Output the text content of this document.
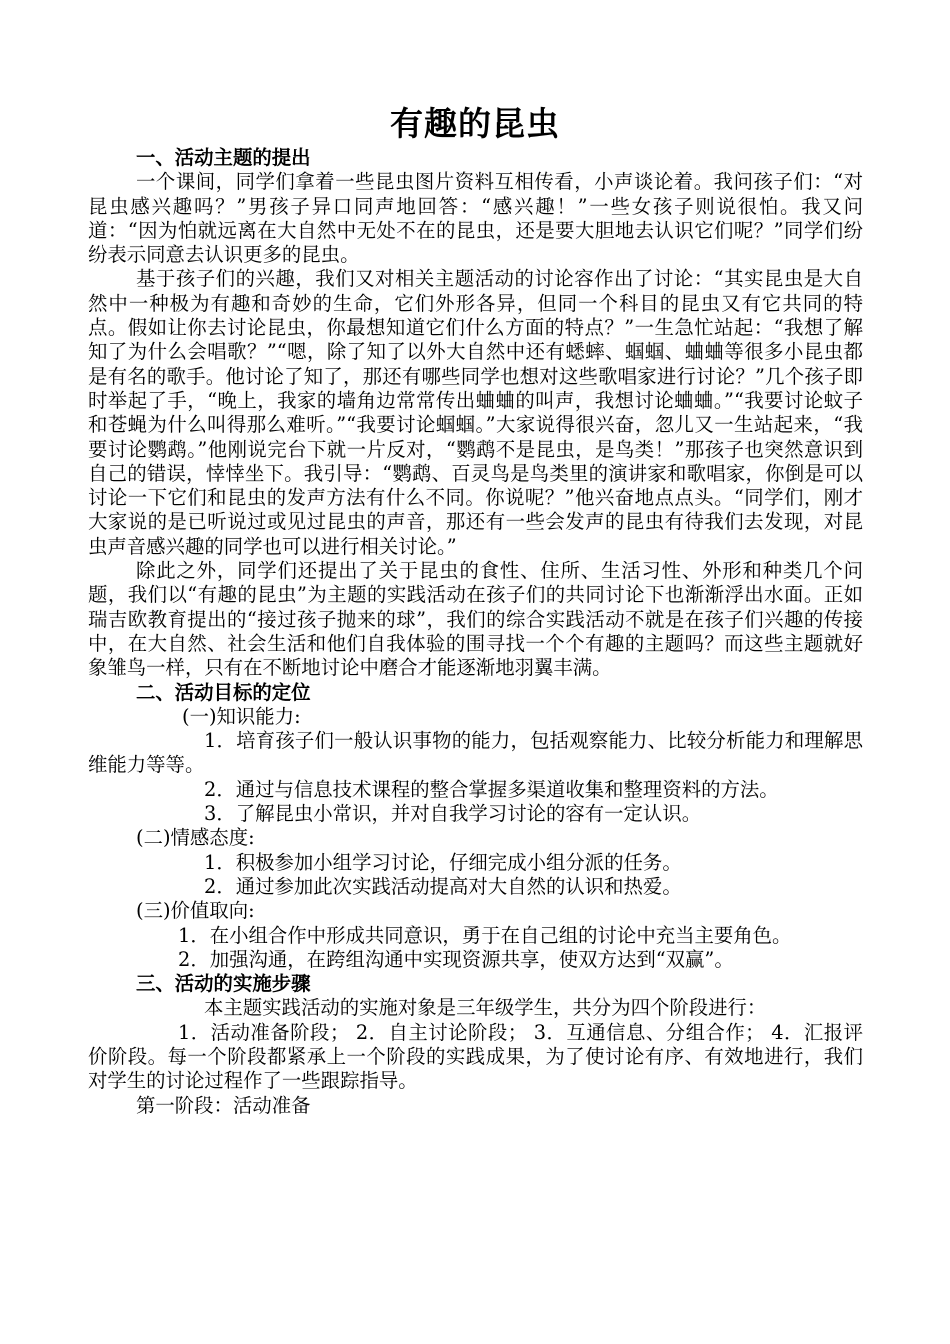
有趣的昆虫

一、活动主题的提出

一个课间，同学们拿着一些昆虫图片资料互相传看，小声谈论着。我问孩子们：“对昆虫感兴趣吗？”男孩子异口同声地回答：“感兴趣！”一些女孩子则说很怕。我又问道：“因为怕就远离在大自然中无处不在的昆虫，还是要大胆地去认识它们呢？”同学们纷纷表示同意去认识更多的昆虫。

基于孩子们的兴趣，我们又对相关主题活动的讨论容作出了讨论：“其实昆虫是大自然中一种极为有趣和奇妙的生命，它们外形各异，但同一个科目的昆虫又有它共同的特点。假如让你去讨论昆虫，你最想知道它们什么方面的特点？”一生急忙站起：“我想了解知了为什么会唱歌？”“嗯，除了知了以外大自然中还有蟋蟀、蝈蝈、蛐蛐等很多小昆虫都是有名的歌手。他讨论了知了，那还有哪些同学也想对这些歌唱家进行讨论？”几个孩子即时举起了手，“晚上，我家的墙角边常常传出蛐蛐的叫声，我想讨论蛐蛐。”“我要讨论蚊子和苍蝇为什么叫得那么难听。”“我要讨论蝈蝈。”大家说得很兴奋，忽儿又一生站起来，“我要讨论鹦鹉。”他刚说完台下就一片反对，“鹦鹉不是昆虫，是鸟类！”那孩子也突然意识到自己的错误，悻悻坐下。我引导：“鹦鹉、百灵鸟是鸟类里的演讲家和歌唱家，你倒是可以讨论一下它们和昆虫的发声方法有什么不同。你说呢？”他兴奋地点点头。“同学们，刚才大家说的是已听说过或见过昆虫的声音，那还有一些会发声的昆虫有待我们去发现，对昆虫声音感兴趣的同学也可以进行相关讨论。”

除此之外，同学们还提出了关于昆虫的食性、住所、生活习性、外形和种类几个问题，我们以“有趣的昆虫”为主题的实践活动在孩子们的共同讨论下也渐渐浮出水面。正如瑞吉欧教育提出的“接过孩子抛来的球”，我们的综合实践活动不就是在孩子们兴趣的传接中，在大自然、社会生活和他们自我体验的围寻找一个个有趣的主题吗？而这些主题就好象雏鸟一样，只有在不断地讨论中磨合才能逐渐地羽翼丰满。

二、活动目标的定位

(一)知识能力:

1．培育孩子们一般认识事物的能力，包括观察能力、比较分析能力和理解思维能力等等。

2．通过与信息技术课程的整合掌握多渠道收集和整理资料的方法。

3．了解昆虫小常识，并对自我学习讨论的容有一定认识。

(二)情感态度:

1．积极参加小组学习讨论，仔细完成小组分派的任务。

2．通过参加此次实践活动提高对大自然的认识和热爱。

(三)价值取向:

1．在小组合作中形成共同意识，勇于在自己组的讨论中充当主要角色。

2．加强沟通，在跨组沟通中实现资源共享，使双方达到“双赢”。

三、活动的实施步骤

本主题实践活动的实施对象是三年级学生，共分为四个阶段进行：

1．活动准备阶段； 2．自主讨论阶段； 3．互通信息、分组合作； 4．汇报评价阶段。每一个阶段都紧承上一个阶段的实践成果，为了使讨论有序、有效地进行，我们对学生的讨论过程作了一些跟踪指导。

第一阶段：活动准备
